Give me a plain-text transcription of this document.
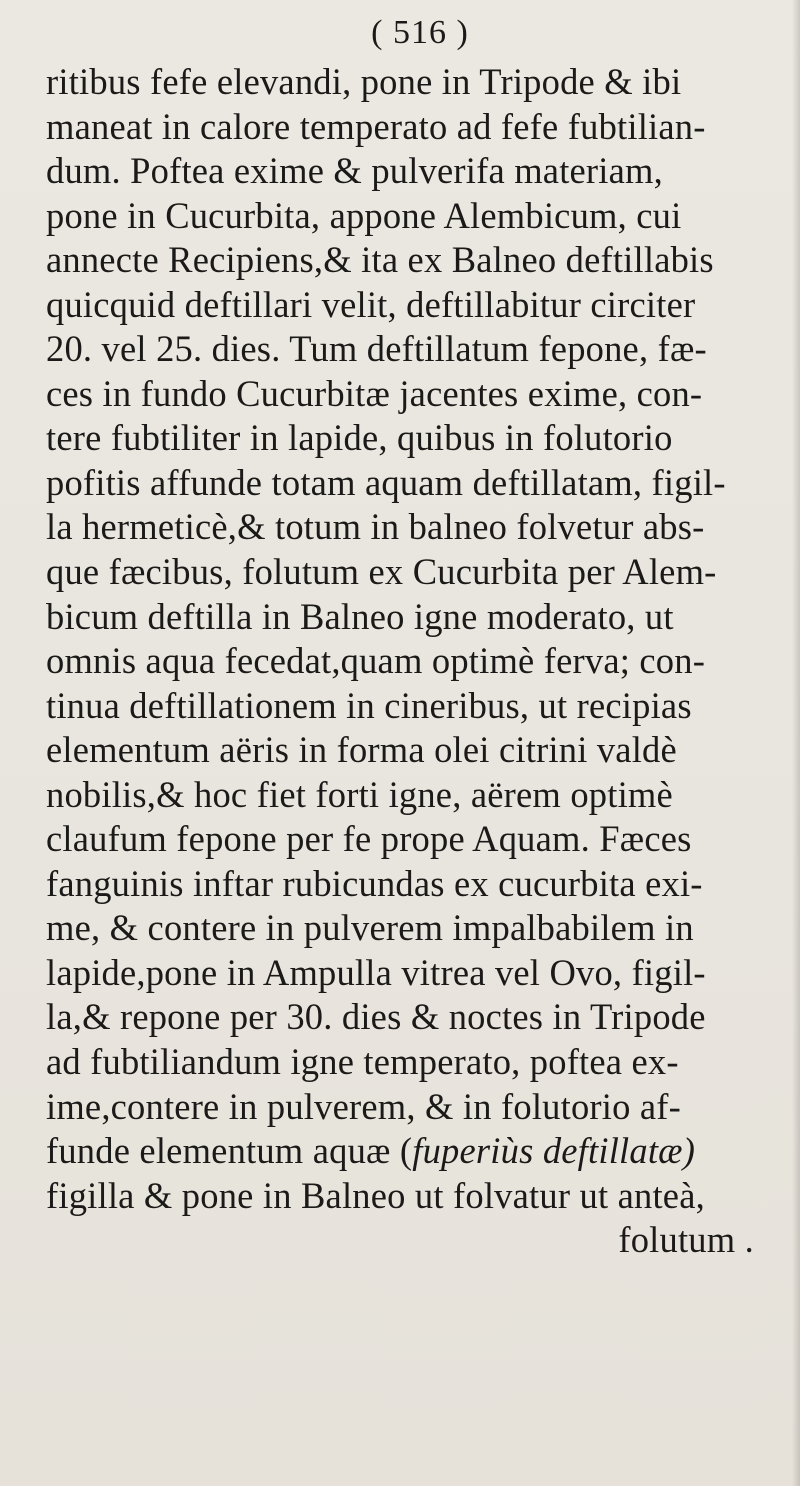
( 516 )
ritibus fefe elevandi, pone in Tripode & ibi
maneat in calore temperato ad fefe fubtilian-
dum. Poftea exime & pulverifa materiam,
pone in Cucurbita, appone Alembicum, cui
annecte Recipiens,& ita ex Balneo deftillabis
quicquid deftillari velit, deftillabitur circiter
20. vel 25. dies. Tum deftillatum fepone, fæ-
ces in fundo Cucurbitæ jacentes exime, con-
tere fubtiliter in lapide, quibus in folutorio
pofitis affunde totam aquam deftillatam, figil-
la hermeticè,& totum in balneo folvetur abs-
que fæcibus, folutum ex Cucurbita per Alem-
bicum deftilla in Balneo igne moderato, ut
omnis aqua fecedat,quam optimè ferva; con-
tinua deftillationem in cineribus, ut recipias
elementum aëris in forma olei citrini valdè
nobilis,& hoc fiet forti igne, aërem optimè
claufum fepone per fe prope Aquam. Fæces
fanguinis inftar rubicundas ex cucurbita exi-
me, & contere in pulverem impalbabilem in
lapide,pone in Ampulla vitrea vel Ovo, figil-
la,& repone per 30. dies & noctes in Tripode
ad fubtiliandum igne temperato, poftea ex-
ime,contere in pulverem, & in folutorio af-
funde elementum aquæ (fuperiùs deftillatæ)
figilla & pone in Balneo ut folvatur ut anteà,
folutum .
